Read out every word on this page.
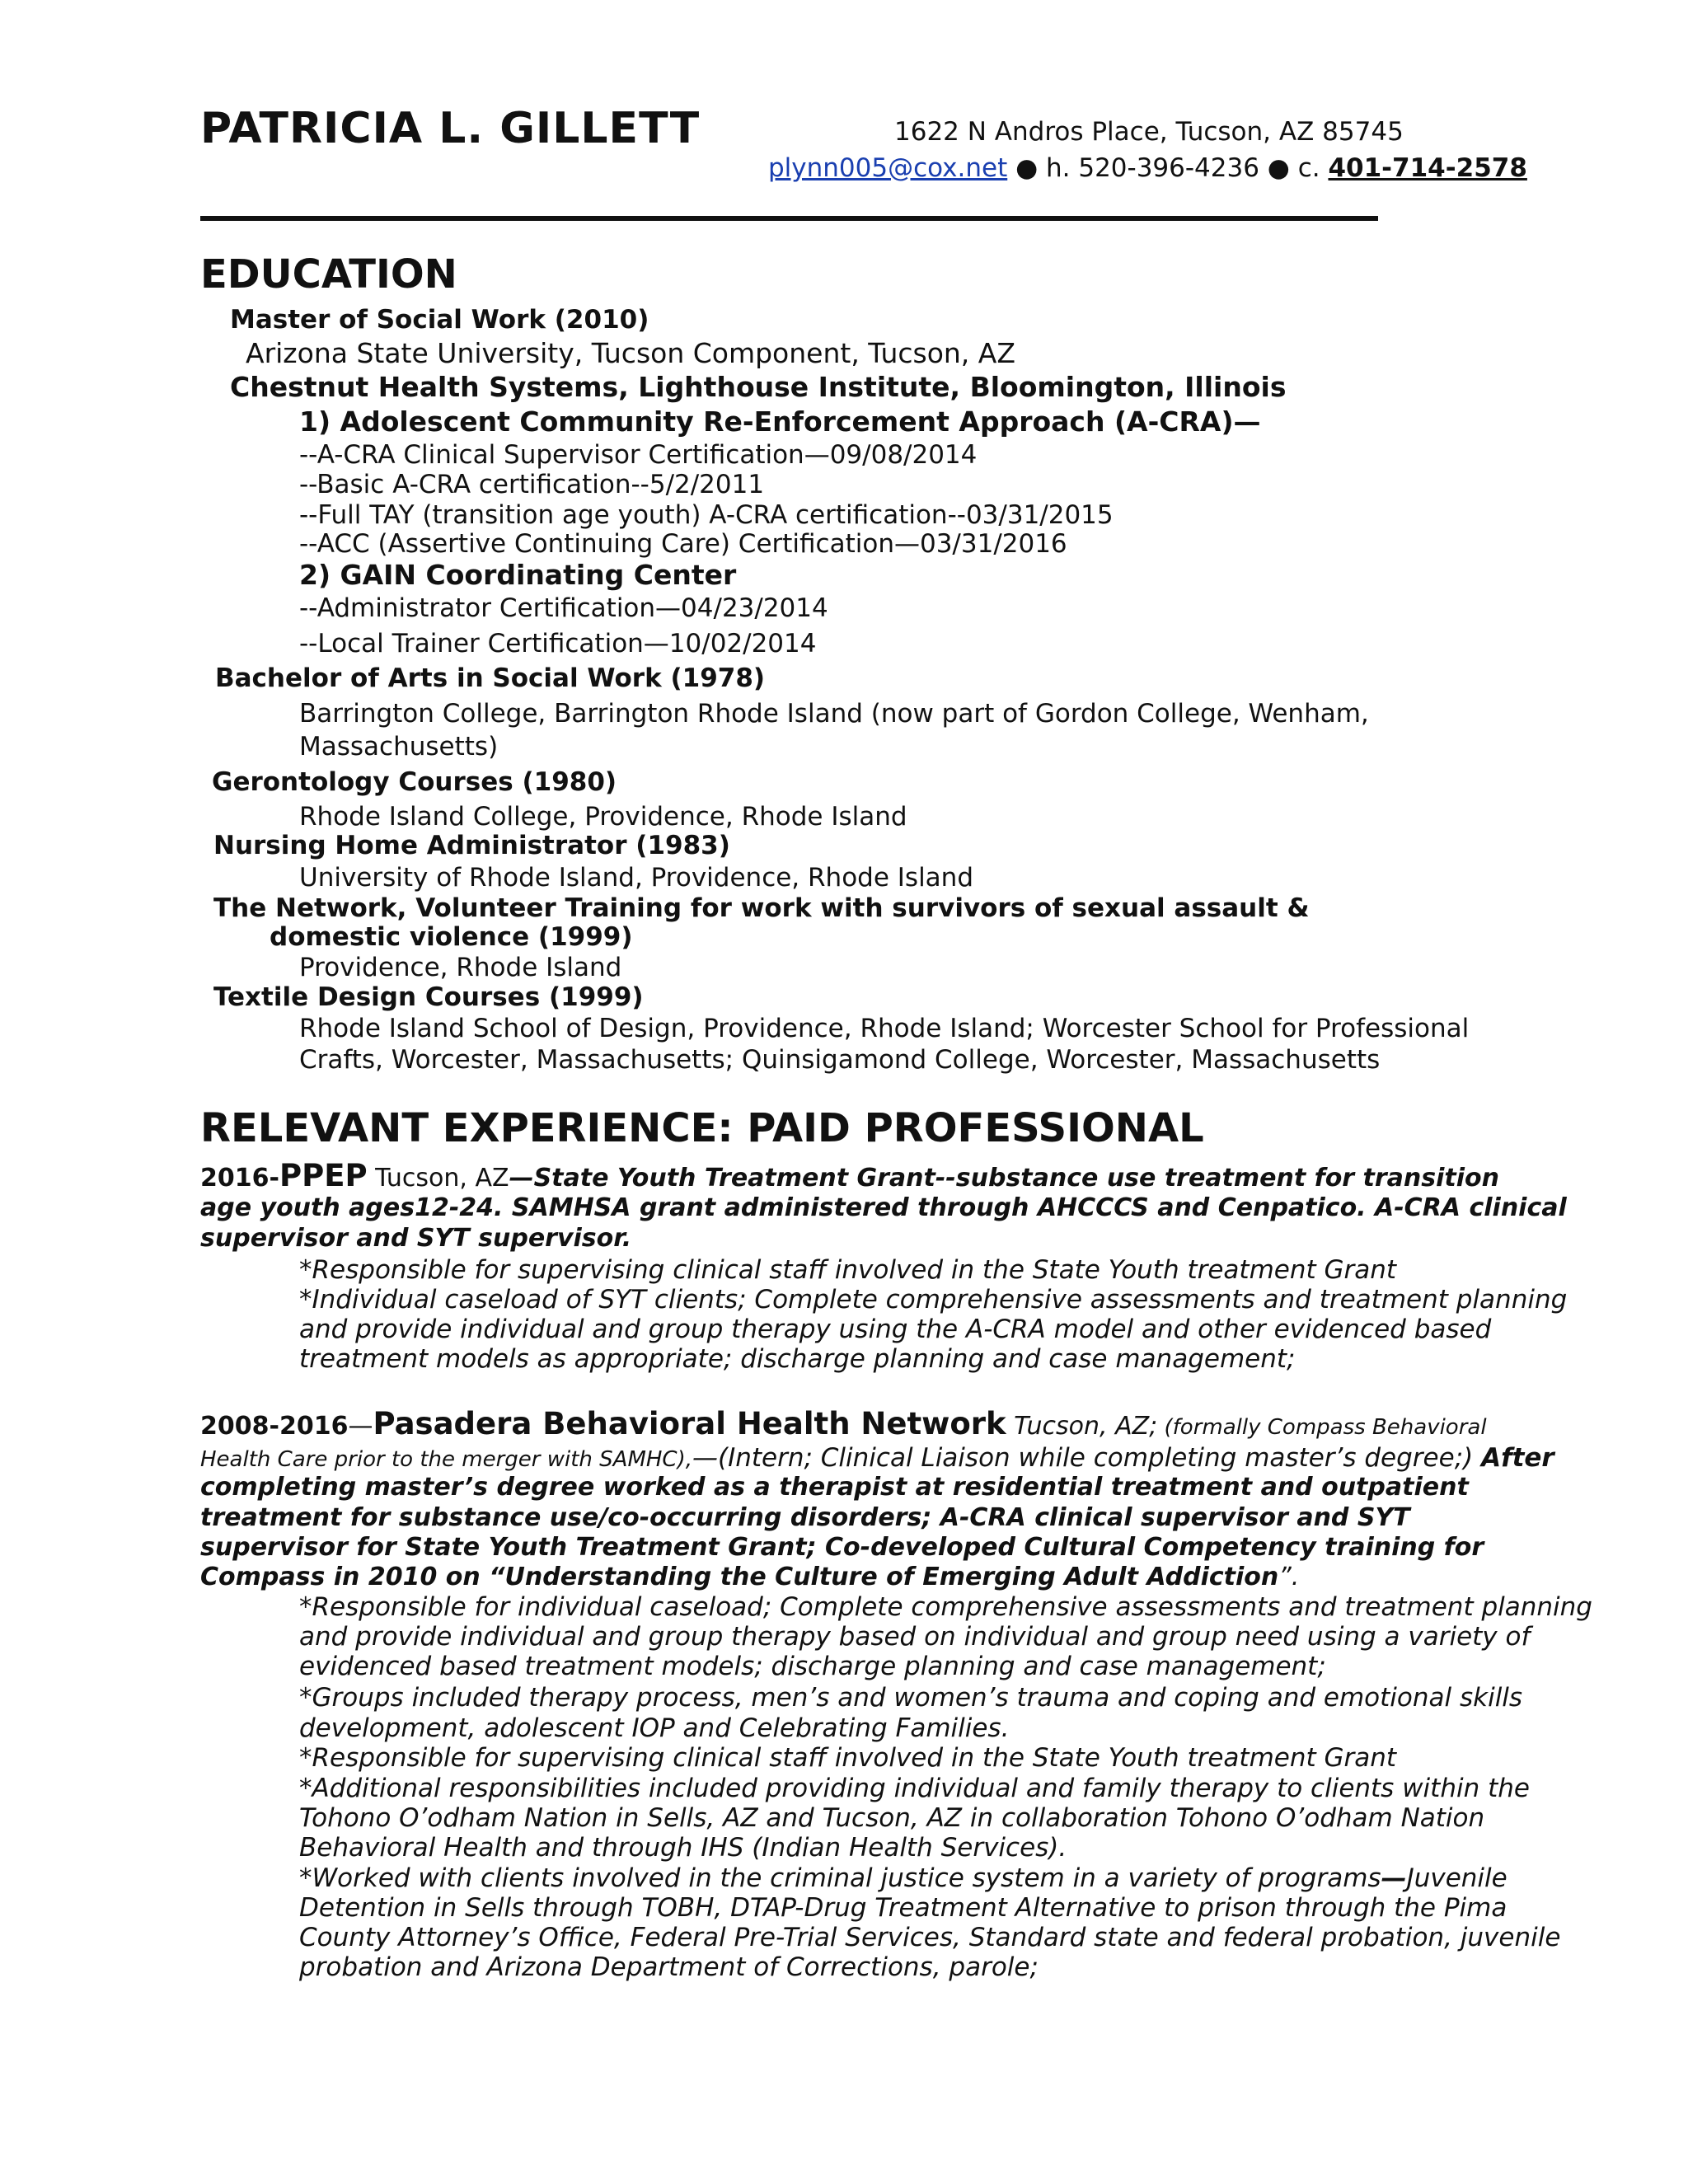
PATRICIA L. GILLETT	1622 N Andros Place, Tucson, AZ 85745
plynn005@cox.net ● h. 520-396-4236 ● c. 401-714-2578
EDUCATION
Master of Social Work (2010)
Arizona State University, Tucson Component, Tucson, AZ
Chestnut Health Systems, Lighthouse Institute, Bloomington, Illinois
1) Adolescent Community Re-Enforcement Approach (A-CRA)—
--A-CRA Clinical Supervisor Certification—09/08/2014
--Basic A-CRA certification--5/2/2011
--Full TAY (transition age youth) A-CRA certification--03/31/2015
--ACC (Assertive Continuing Care) Certification—03/31/2016
2) GAIN Coordinating Center
--Administrator Certification—04/23/2014
--Local Trainer Certification—10/02/2014
Bachelor of Arts in Social Work (1978)
Barrington College, Barrington Rhode Island (now part of Gordon College, Wenham,
Massachusetts)
Gerontology Courses (1980)
Rhode Island College, Providence, Rhode Island
Nursing Home Administrator (1983)
University of Rhode Island, Providence, Rhode Island
The Network, Volunteer Training for work with survivors of sexual assault &
domestic violence (1999)
Providence, Rhode Island
Textile Design Courses (1999)
Rhode Island School of Design, Providence, Rhode Island; Worcester School for Professional
Crafts, Worcester, Massachusetts; Quinsigamond College, Worcester, Massachusetts
RELEVANT EXPERIENCE: PAID PROFESSIONAL
2016-PPEP Tucson, AZ—State Youth Treatment Grant--substance use treatment for transition
age youth ages12-24. SAMHSA grant administered through AHCCCS and Cenpatico. A-CRA clinical
supervisor and SYT supervisor.
*Responsible for supervising clinical staff involved in the State Youth treatment Grant
*Individual caseload of SYT clients; Complete comprehensive assessments and treatment planning
and provide individual and group therapy using the A-CRA model and other evidenced based
treatment models as appropriate; discharge planning and case management;
2008-2016—Pasadera Behavioral Health Network Tucson, AZ; (formally Compass Behavioral
Health Care prior to the merger with SAMHC),—(Intern; Clinical Liaison while completing master’s degree;) After
completing master’s degree worked as a therapist at residential treatment and outpatient
treatment for substance use/co-occurring disorders; A-CRA clinical supervisor and SYT
supervisor for State Youth Treatment Grant; Co-developed Cultural Competency training for
Compass in 2010 on “Understanding the Culture of Emerging Adult Addiction”.
*Responsible for individual caseload; Complete comprehensive assessments and treatment planning
and provide individual and group therapy based on individual and group need using a variety of
evidenced based treatment models; discharge planning and case management;
*Groups included therapy process, men’s and women’s trauma and coping and emotional skills
development, adolescent IOP and Celebrating Families.
*Responsible for supervising clinical staff involved in the State Youth treatment Grant
*Additional responsibilities included providing individual and family therapy to clients within the
Tohono O’odham Nation in Sells, AZ and Tucson, AZ in collaboration Tohono O’odham Nation
Behavioral Health and through IHS (Indian Health Services).
*Worked with clients involved in the criminal justice system in a variety of programs—Juvenile
Detention in Sells through TOBH, DTAP-Drug Treatment Alternative to prison through the Pima
County Attorney’s Office, Federal Pre-Trial Services, Standard state and federal probation, juvenile
probation and Arizona Department of Corrections, parole;
